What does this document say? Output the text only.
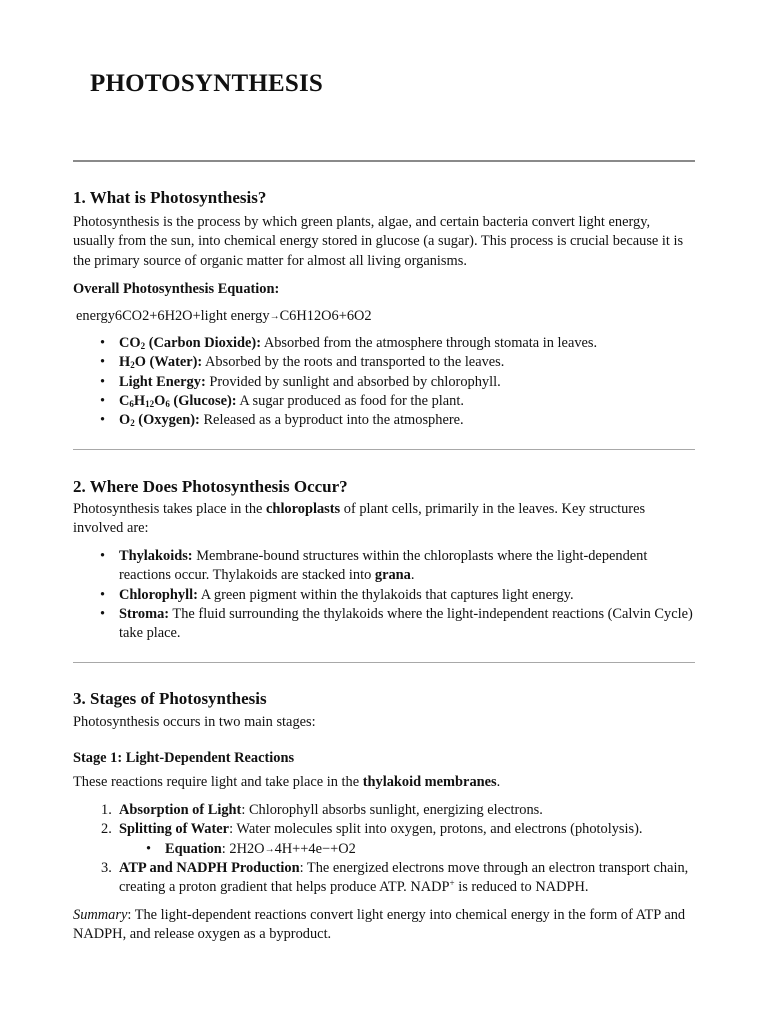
PHOTOSYNTHESIS
1. What is Photosynthesis?

Photosynthesis is the process by which green plants, algae, and certain bacteria convert light energy, usually from the sun, into chemical energy stored in glucose (a sugar). This process is crucial because it is the primary source of organic matter for almost all living organisms.

Overall Photosynthesis Equation:

energy6CO2+6H2O+light energy→C6H12O6+6O2

• $CO_2$ (Carbon Dioxide): Absorbed from the atmosphere through stomata in leaves.
• $H_2O$ (Water): Absorbed by the roots and transported to the leaves.
• Light Energy: Provided by sunlight and absorbed by chlorophyll.
• $C_6H_{12}O_6$ (Glucose): A sugar produced as food for the plant.
• $O_2$ (Oxygen): Released as a byproduct into the atmosphere.
2. Where Does Photosynthesis Occur?

Photosynthesis takes place in the chloroplasts of plant cells, primarily in the leaves. Key structures involved are:

• Thylakoids: Membrane-bound structures within the chloroplasts where the light-dependent reactions occur. Thylakoids are stacked into grana.
• Chlorophyll: A green pigment within the thylakoids that captures light energy.
• Stroma: The fluid surrounding the thylakoids where the light-independent reactions (Calvin Cycle) take place.
3. Stages of Photosynthesis

Photosynthesis occurs in two main stages:

Stage 1: Light-Dependent Reactions

These reactions require light and take place in the thylakoid membranes.

1. Absorption of Light: Chlorophyll absorbs sunlight, energizing electrons.
2. Splitting of Water: Water molecules split into oxygen, protons, and electrons (photolysis).
• Equation: 2H2O→4H++4e−+O2
3. ATP and NADPH Production: The energized electrons move through an electron transport chain, creating a proton gradient that helps produce ATP. NADP+ is reduced to NADPH.

Summary: The light-dependent reactions convert light energy into chemical energy in the form of ATP and NADPH, and release oxygen as a byproduct.
